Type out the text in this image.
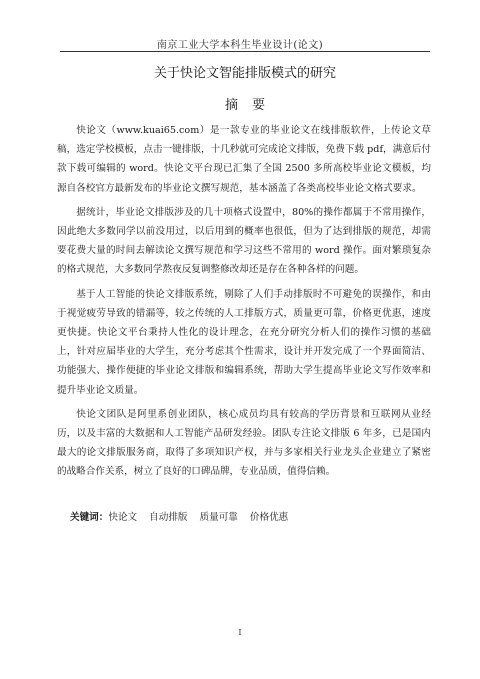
南京工业大学本科生毕业设计(论文)
关于快论文智能排版模式的研究
摘要

快论文（www.kuai65.com）是一款专业的毕业论文在线排版软件，上传论文草稿，选定学校模板，点击一键排版，十几秒就可完成论文排版，免费下载 pdf，满意后付款下载可编辑的 word。快论文平台现已汇集了全国 2500 多所高校毕业论文模板，均源自各校官方最新发布的毕业论文撰写规范，基本涵盖了各类高校毕业论文格式要求。

据统计，毕业论文排版涉及的几十项格式设置中，80%的操作都属于不常用操作，因此绝大多数同学以前没用过，以后用到的概率也很低，但为了达到排版的规范，却需要花费大量的时间去解读论文撰写规范和学习这些不常用的 word 操作。面对繁琐复杂的格式规范，大多数同学熬夜反复调整修改却还是存在各种各样的问题。

基于人工智能的快论文排版系统，剔除了人们手动排版时不可避免的误操作，和由于视觉疲劳导致的错漏等，较之传统的人工排版方式，质量更可靠，价格更优惠，速度更快捷。快论文平台秉持人性化的设计理念，在充分研究分析人们的操作习惯的基础上，针对应届毕业的大学生，充分考虑其个性需求，设计并开发完成了一个界面简洁、功能强大、操作便捷的毕业论文排版和编辑系统，帮助大学生提高毕业论文写作效率和提升毕业论文质量。

快论文团队是阿里系创业团队，核心成员均具有较高的学历背景和互联网从业经历，以及丰富的大数据和人工智能产品研发经验。团队专注论文排版 6 年多，已是国内最大的论文排版服务商，取得了多项知识产权，并与多家相关行业龙头企业建立了紧密的战略合作关系，树立了良好的口碑品牌，专业品质，值得信赖。

关键词：快论文 自动排版 质量可靠 价格优惠
I
